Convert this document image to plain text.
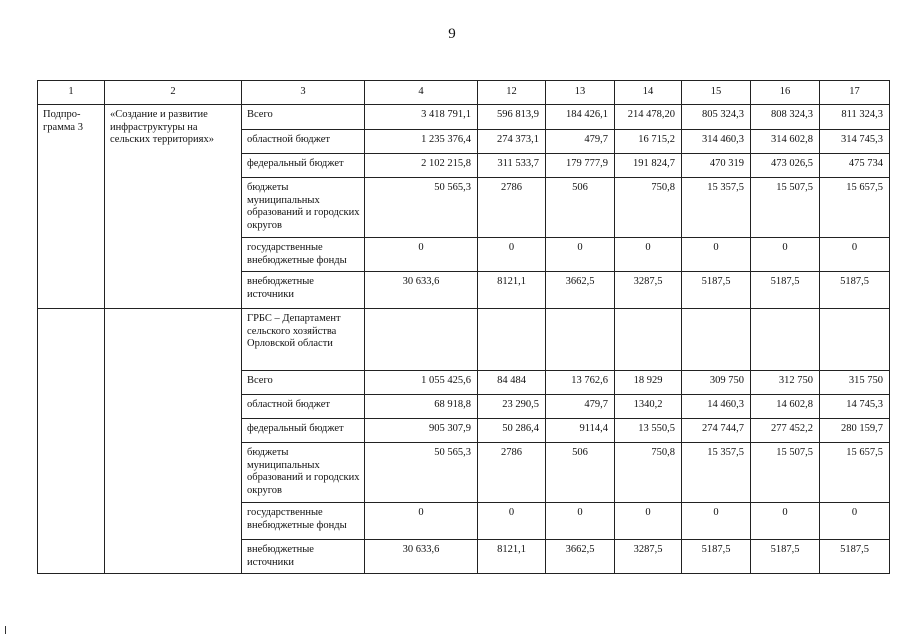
9
1	2	3	4	12	13	14	15	16	17

Подпро-грамма 3	«Создание и развитие инфраструктуры на сельских территориях»	Всего	3 418 791,1	596 813,9	184 426,1	214 478,20	805 324,3	808 324,3	811 324,3

		областной бюджет	1 235 376,4	274 373,1	479,7	16 715,2	314 460,3	314 602,8	314 745,3

		федеральный бюджет	2 102 215,8	311 533,7	179 777,9	191 824,7	470 319	473 026,5	475 734

		бюджеты муниципальных образований и городских округов	50 565,3	2786	506	750,8	15 357,5	15 507,5	15 657,5

		государственные внебюджетные фонды	0	0	0	0	0	0	0

		внебюджетные источники	30 633,6	8121,1	3662,5	3287,5	5187,5	5187,5	5187,5

		ГРБС – Департамент сельского хозяйства Орловской области							

		Всего	1 055 425,6	84 484	13 762,6	18 929	309 750	312 750	315 750

		областной бюджет	68 918,8	23 290,5	479,7	1340,2	14 460,3	14 602,8	14 745,3

		федеральный бюджет	905 307,9	50 286,4	9114,4	13 550,5	274 744,7	277 452,2	280 159,7

		бюджеты муниципальных образований и городских округов	50 565,3	2786	506	750,8	15 357,5	15 507,5	15 657,5

		государственные внебюджетные фонды	0	0	0	0	0	0	0

		внебюджетные источники	30 633,6	8121,1	3662,5	3287,5	5187,5	5187,5	5187,5
